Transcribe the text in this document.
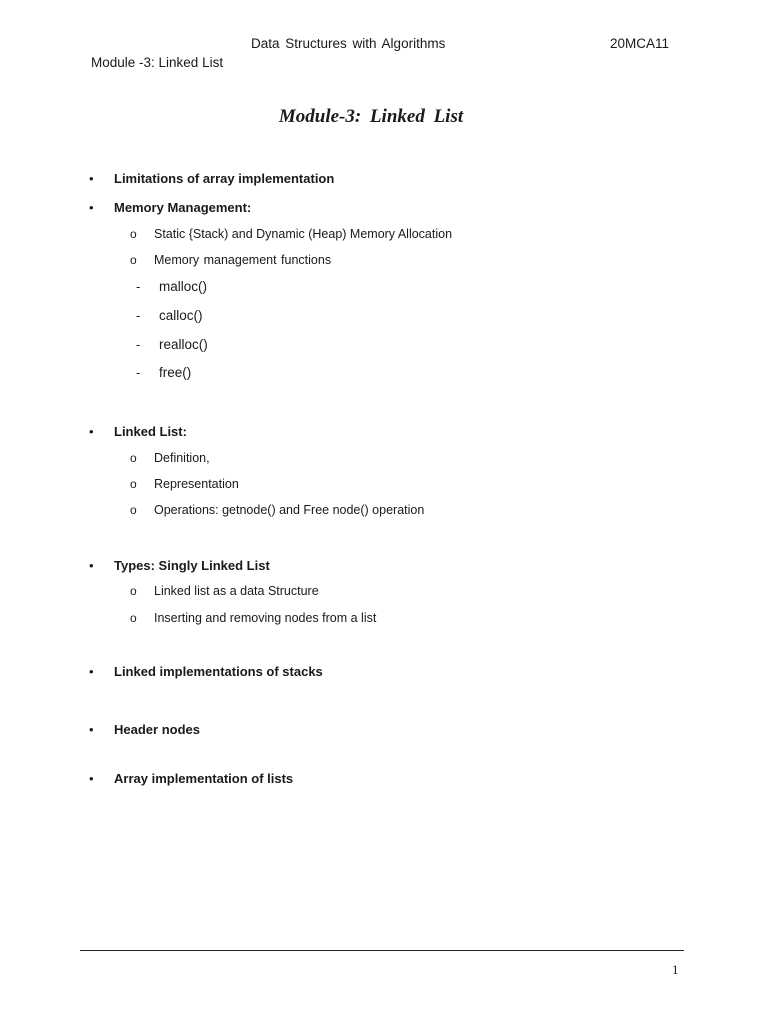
Data Structures with Algorithms	20MCA11
Module -3: Linked List
Module-3: Linked List
• Limitations of array implementation
• Memory Management:
o Static {Stack) and Dynamic (Heap) Memory Allocation
o Memory management functions
- malloc()
- calloc()
- realloc()
- free()
• Linked List:
o Definition,
o Representation
o Operations: getnode() and Free node() operation
• Types: Singly Linked List
o Linked list as a data Structure
o Inserting and removing nodes from a list
• Linked implementations of stacks
• Header nodes
• Array implementation of lists
1
